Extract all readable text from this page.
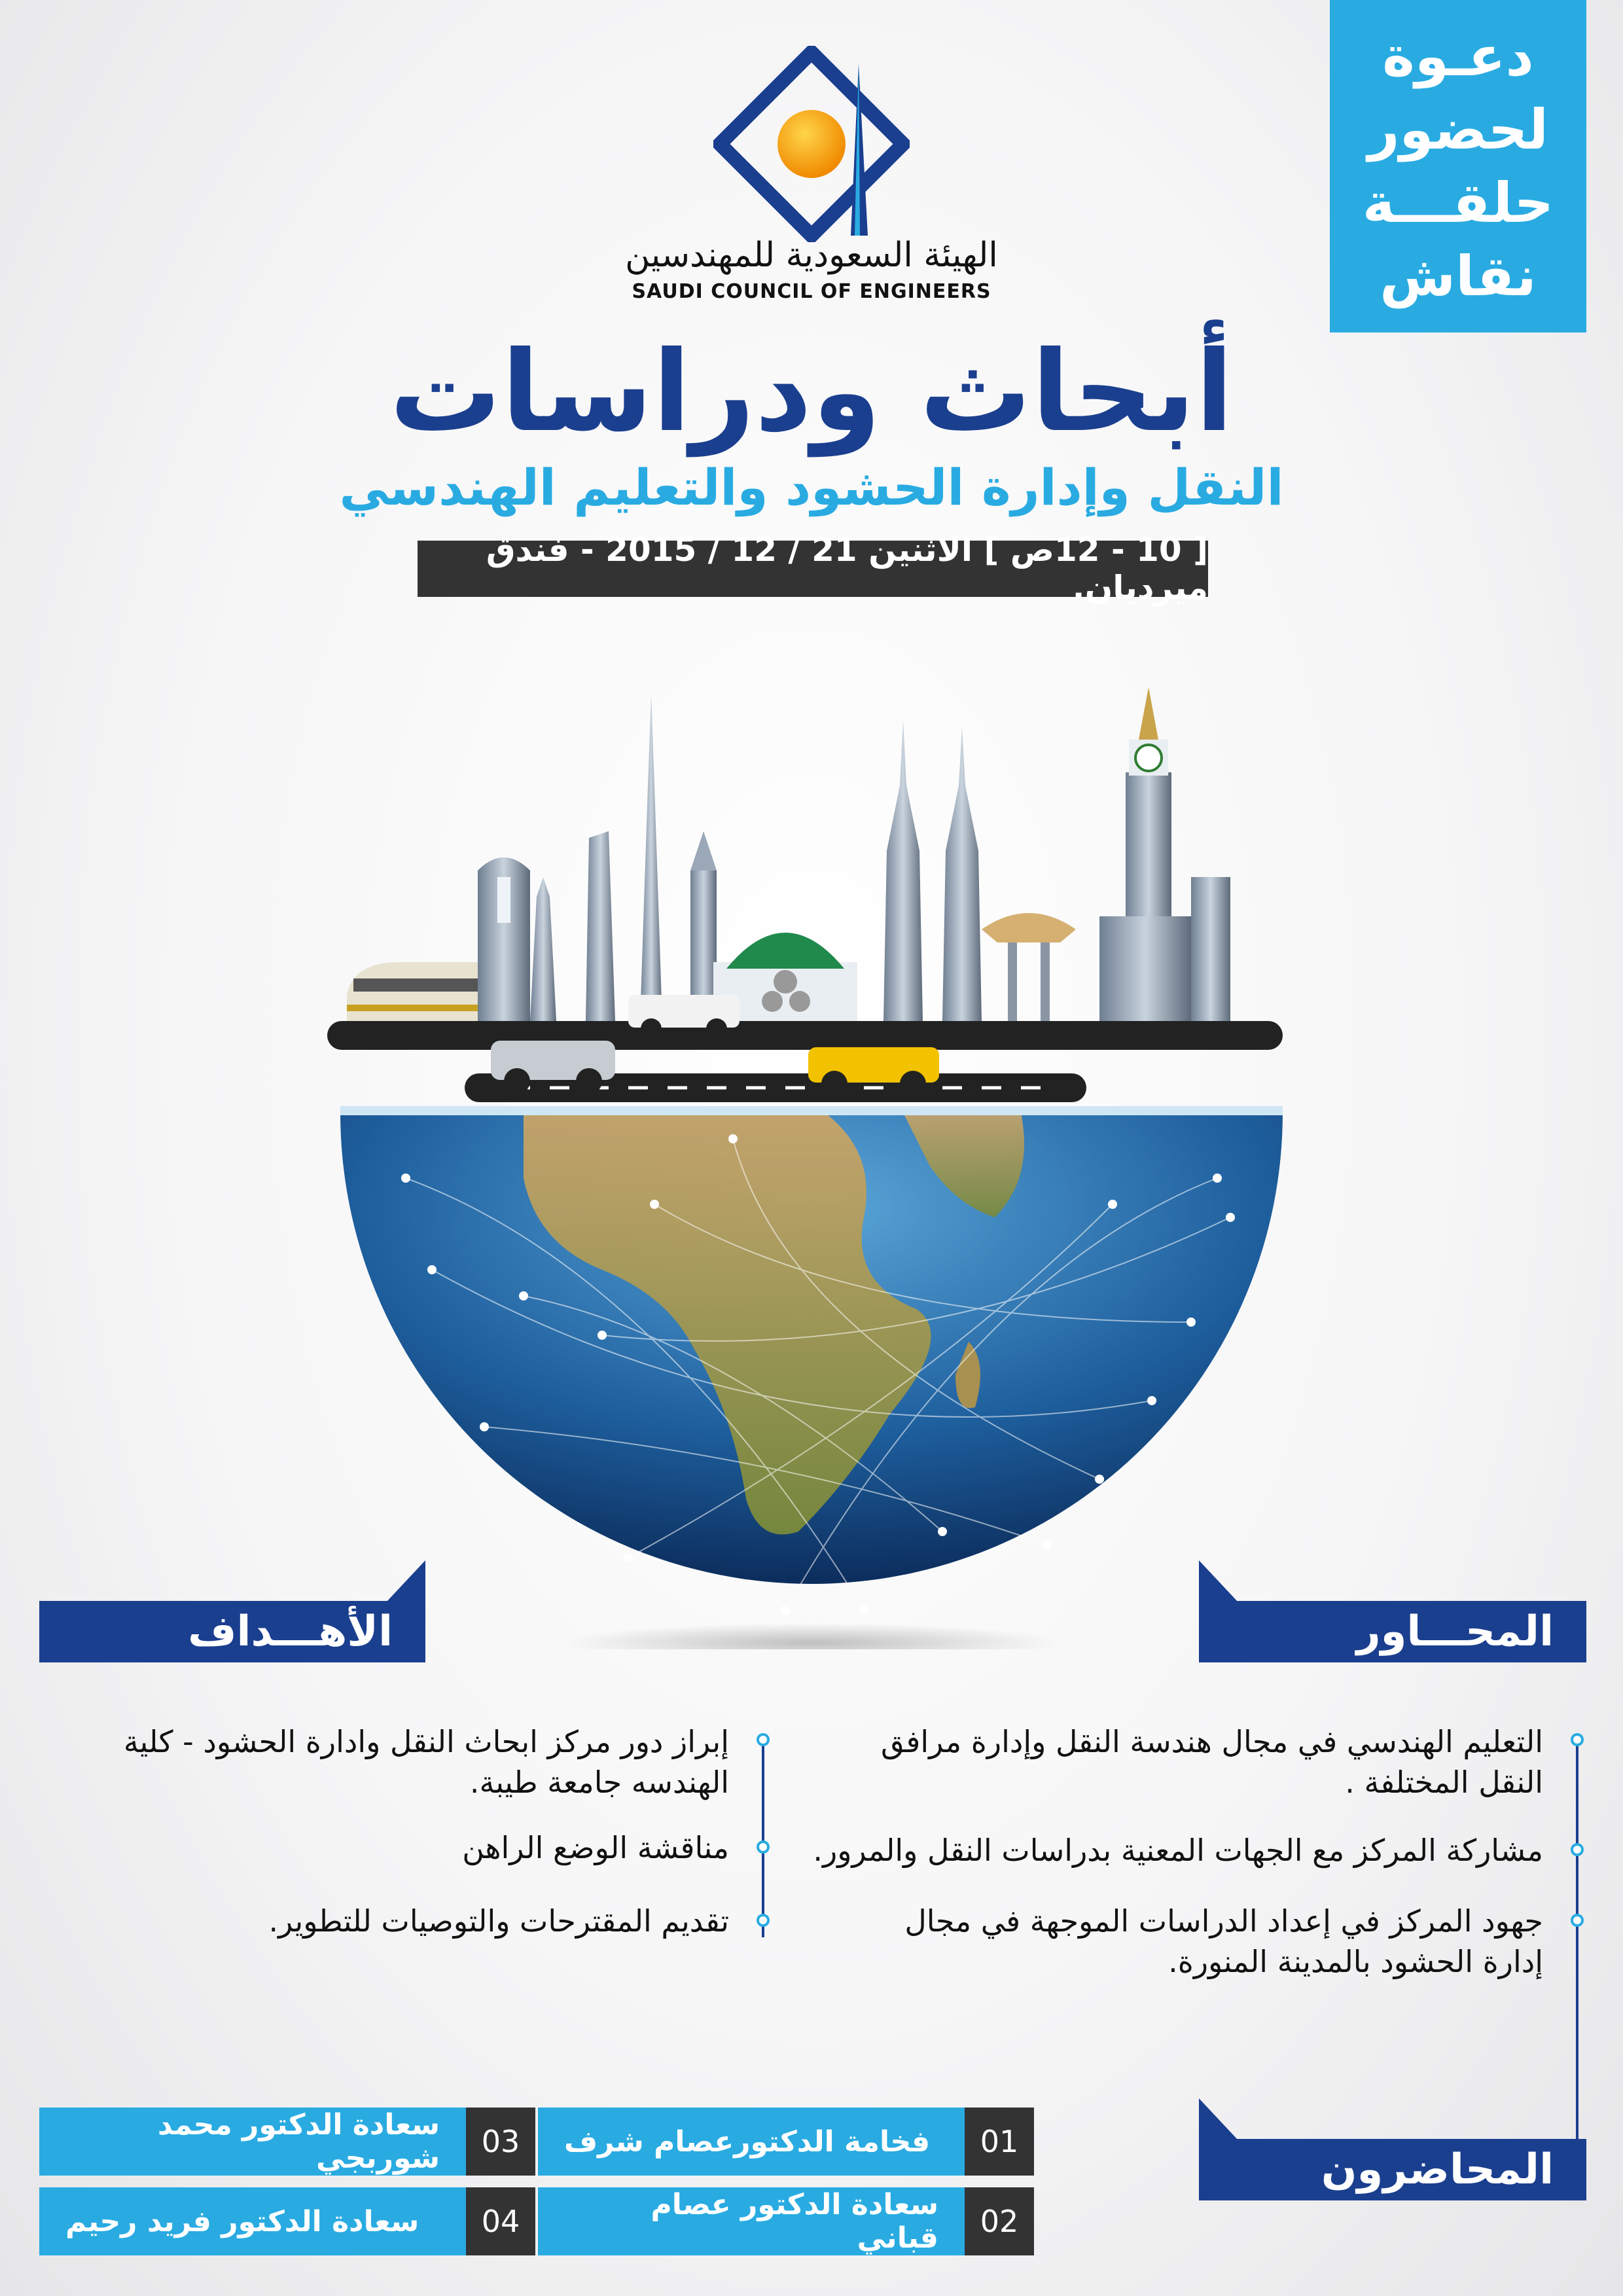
دعـوة
لحضور
حلقـــة
نقاش
الهيئة السعودية للمهندسين
SAUDI COUNCIL OF ENGINEERS
أبحاث ودراسات
النقل وإدارة الحشود والتعليم الهندسي
[ 10 - 12ص ] الاثنين 21 / 12 / 2015 - فندق ميرديان.
المحـــاور
الأهـــداف
التعليم الهندسي في مجال هندسة النقل وإدارة مرافق النقل المختلفة .
مشاركة المركز مع الجهات المعنية بدراسات النقل والمرور.
جهود المركز في إعداد الدراسات الموجهة في مجال إدارة الحشود بالمدينة المنورة.
إبراز دور مركز ابحاث النقل وادارة الحشود - كلية الهندسه جامعة طيبة.
مناقشة الوضع الراهن
تقديم المقترحات والتوصيات للتطوير.
المحاضرون
01
فخامة الدكتورعصام شرف
02
سعادة الدكتور عصام قباني
03
سعادة الدكتور محمد شوربجي
04
سعادة الدكتور فريد رحيم
